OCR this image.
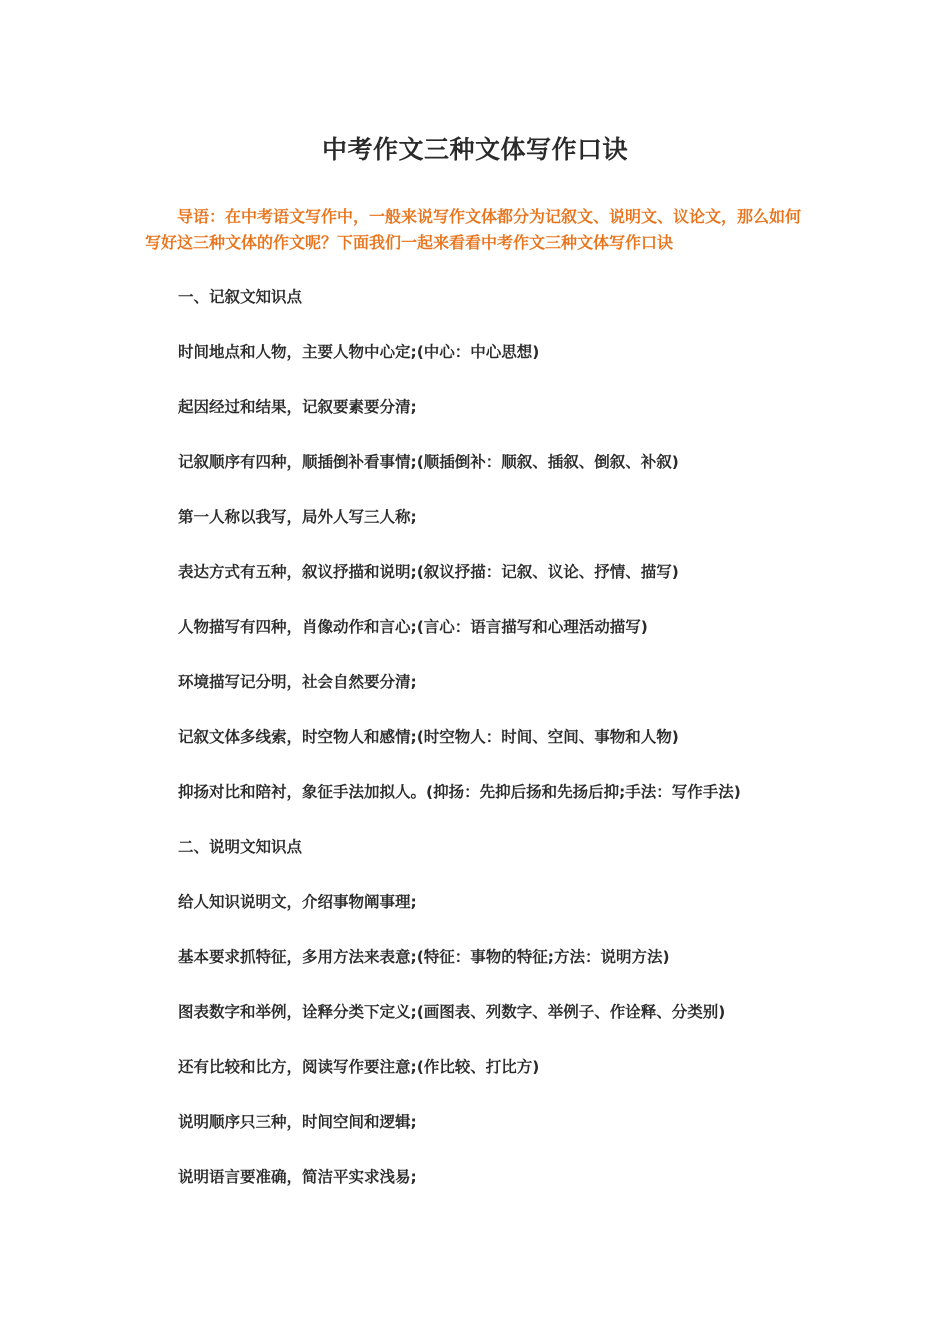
中考作文三种文体写作口诀
导语：在中考语文写作中，一般来说写作文体都分为记叙文、说明文、议论文，那么如何写好这三种文体的作文呢？下面我们一起来看看中考作文三种文体写作口诀
一、记叙文知识点
时间地点和人物，主要人物中心定;(中心：中心思想)
起因经过和结果，记叙要素要分清;
记叙顺序有四种，顺插倒补看事情;(顺插倒补：顺叙、插叙、倒叙、补叙)
第一人称以我写，局外人写三人称;
表达方式有五种，叙议抒描和说明;(叙议抒描：记叙、议论、抒情、描写)
人物描写有四种，肖像动作和言心;(言心：语言描写和心理活动描写)
环境描写记分明，社会自然要分清;
记叙文体多线索，时空物人和感情;(时空物人：时间、空间、事物和人物)
抑扬对比和陪衬，象征手法加拟人。(抑扬：先抑后扬和先扬后抑;手法：写作手法)
二、说明文知识点
给人知识说明文，介绍事物阐事理;
基本要求抓特征，多用方法来表意;(特征：事物的特征;方法：说明方法)
图表数字和举例，诠释分类下定义;(画图表、列数字、举例子、作诠释、分类别)
还有比较和比方，阅读写作要注意;(作比较、打比方)
说明顺序只三种，时间空间和逻辑;
说明语言要准确，简洁平实求浅易;
